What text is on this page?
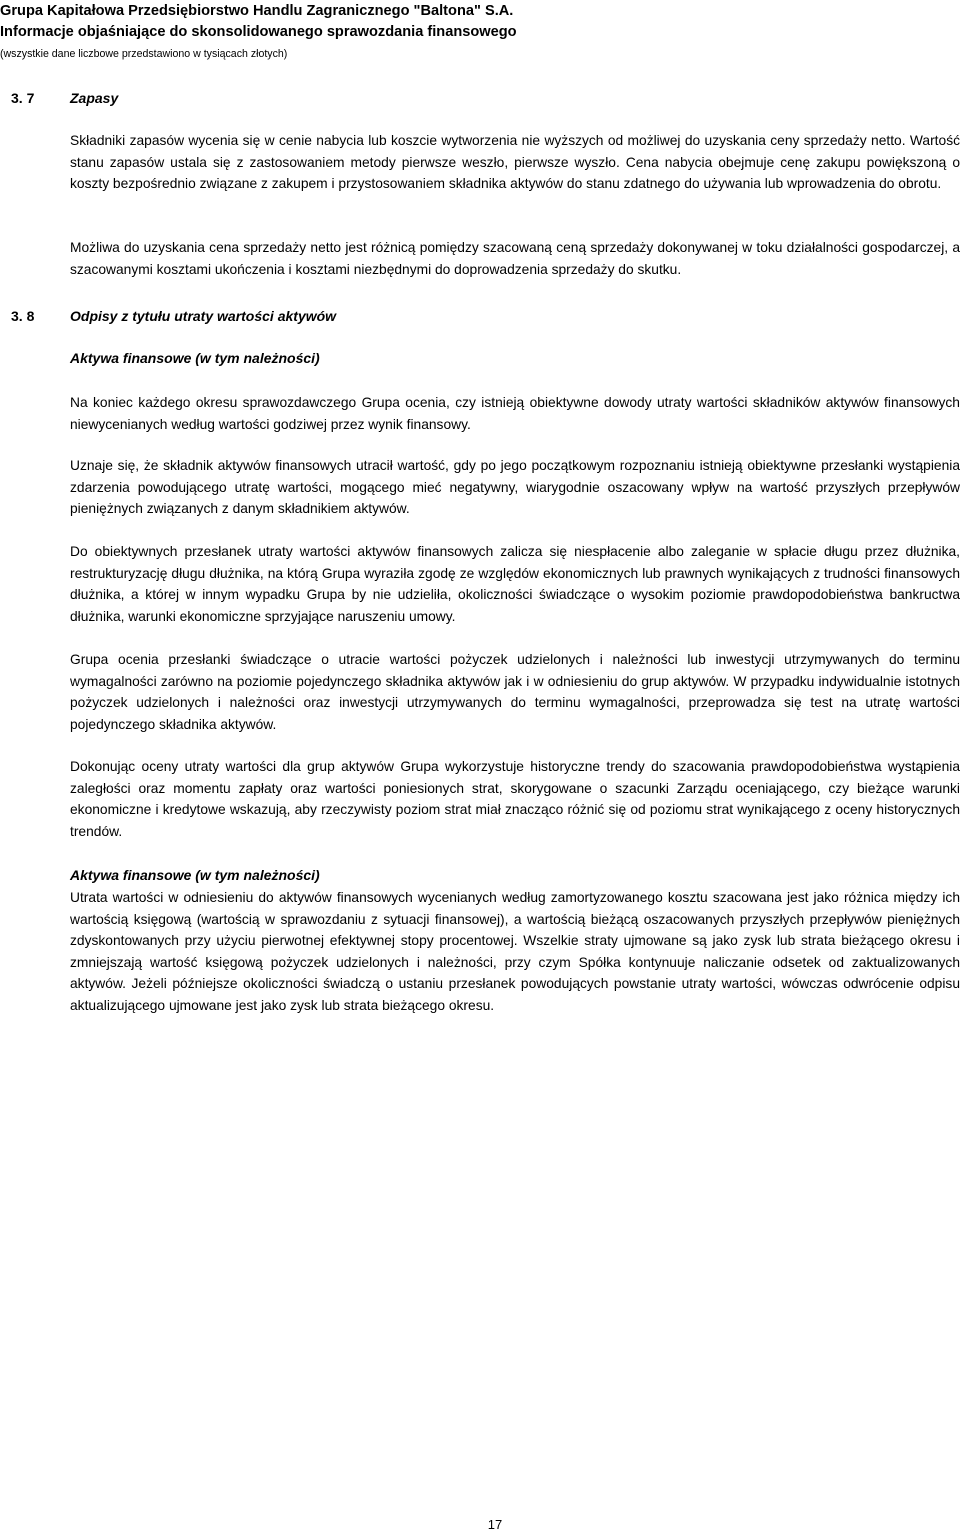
Grupa Kapitałowa Przedsiębiorstwo Handlu Zagranicznego "Baltona" S.A.
Informacje objaśniające do skonsolidowanego sprawozdania finansowego
(wszystkie dane liczbowe przedstawiono w tysiącach złotych)
3. 7	Zapasy

Składniki zapasów wycenia się w cenie nabycia lub koszcie wytworzenia nie wyższych od możliwej do uzyskania ceny sprzedaży netto. Wartość stanu zapasów ustala się z zastosowaniem metody pierwsze weszło, pierwsze wyszło. Cena nabycia obejmuje cenę zakupu powiększoną o koszty bezpośrednio związane z zakupem i przystosowaniem składnika aktywów do stanu zdatnego do używania lub wprowadzenia do obrotu.

Możliwa do uzyskania cena sprzedaży netto jest różnicą pomiędzy szacowaną ceną sprzedaży dokonywanej w toku działalności gospodarczej, a szacowanymi kosztami ukończenia i kosztami niezbędnymi do doprowadzenia sprzedaży do skutku.

3. 8	Odpisy z tytułu utraty wartości aktywów
Aktywa finansowe (w tym należności)

Na koniec każdego okresu sprawozdawczego Grupa ocenia, czy istnieją obiektywne dowody utraty wartości składników aktywów finansowych niewycenianych według wartości godziwej przez wynik finansowy.

Uznaje się, że składnik aktywów finansowych utracił wartość, gdy po jego początkowym rozpoznaniu istnieją obiektywne przesłanki wystąpienia zdarzenia powodującego utratę wartości, mogącego mieć negatywny, wiarygodnie oszacowany wpływ na wartość przyszłych przepływów pieniężnych związanych z danym składnikiem aktywów.

Do obiektywnych przesłanek utraty wartości aktywów finansowych zalicza się niespłacenie albo zaleganie w spłacie długu przez dłużnika, restrukturyzację długu dłużnika, na którą Grupa wyraziła zgodę ze względów ekonomicznych lub prawnych wynikających z trudności finansowych dłużnika, a której w innym wypadku Grupa by nie udzieliła, okoliczności świadczące o wysokim poziomie prawdopodobieństwa bankructwa dłużnika, warunki ekonomiczne sprzyjające naruszeniu umowy.

Grupa ocenia przesłanki świadczące o utracie wartości pożyczek udzielonych i należności lub inwestycji utrzymywanych do terminu wymagalności zarówno na poziomie pojedynczego składnika aktywów jak i w odniesieniu do grup aktywów. W przypadku indywidualnie istotnych pożyczek udzielonych i należności oraz inwestycji utrzymywanych do terminu wymagalności, przeprowadza się test na utratę wartości pojedynczego składnika aktywów.

Dokonując oceny utraty wartości dla grup aktywów Grupa wykorzystuje historyczne trendy do szacowania prawdopodobieństwa wystąpienia zaległości oraz momentu zapłaty oraz wartości poniesionych strat, skorygowane o szacunki Zarządu oceniającego, czy bieżące warunki ekonomiczne i kredytowe wskazują, aby rzeczywisty poziom strat miał znacząco różnić się od poziomu strat wynikającego z oceny historycznych trendów.

Aktywa finansowe (w tym należności)

Utrata wartości w odniesieniu do aktywów finansowych wycenianych według zamortyzowanego kosztu szacowana jest jako różnica między ich wartością księgową (wartością w sprawozdaniu z sytuacji finansowej), a wartością bieżącą oszacowanych przyszłych przepływów pieniężnych zdyskontowanych przy użyciu pierwotnej efektywnej stopy procentowej. Wszelkie straty ujmowane są jako zysk lub strata bieżącego okresu i zmniejszają wartość księgową pożyczek udzielonych i należności, przy czym Spółka kontynuuje naliczanie odsetek od zaktualizowanych aktywów. Jeżeli późniejsze okoliczności świadczą o ustaniu przesłanek powodujących powstanie utraty wartości, wówczas odwrócenie odpisu aktualizującego ujmowane jest jako zysk lub strata bieżącego okresu.

17
